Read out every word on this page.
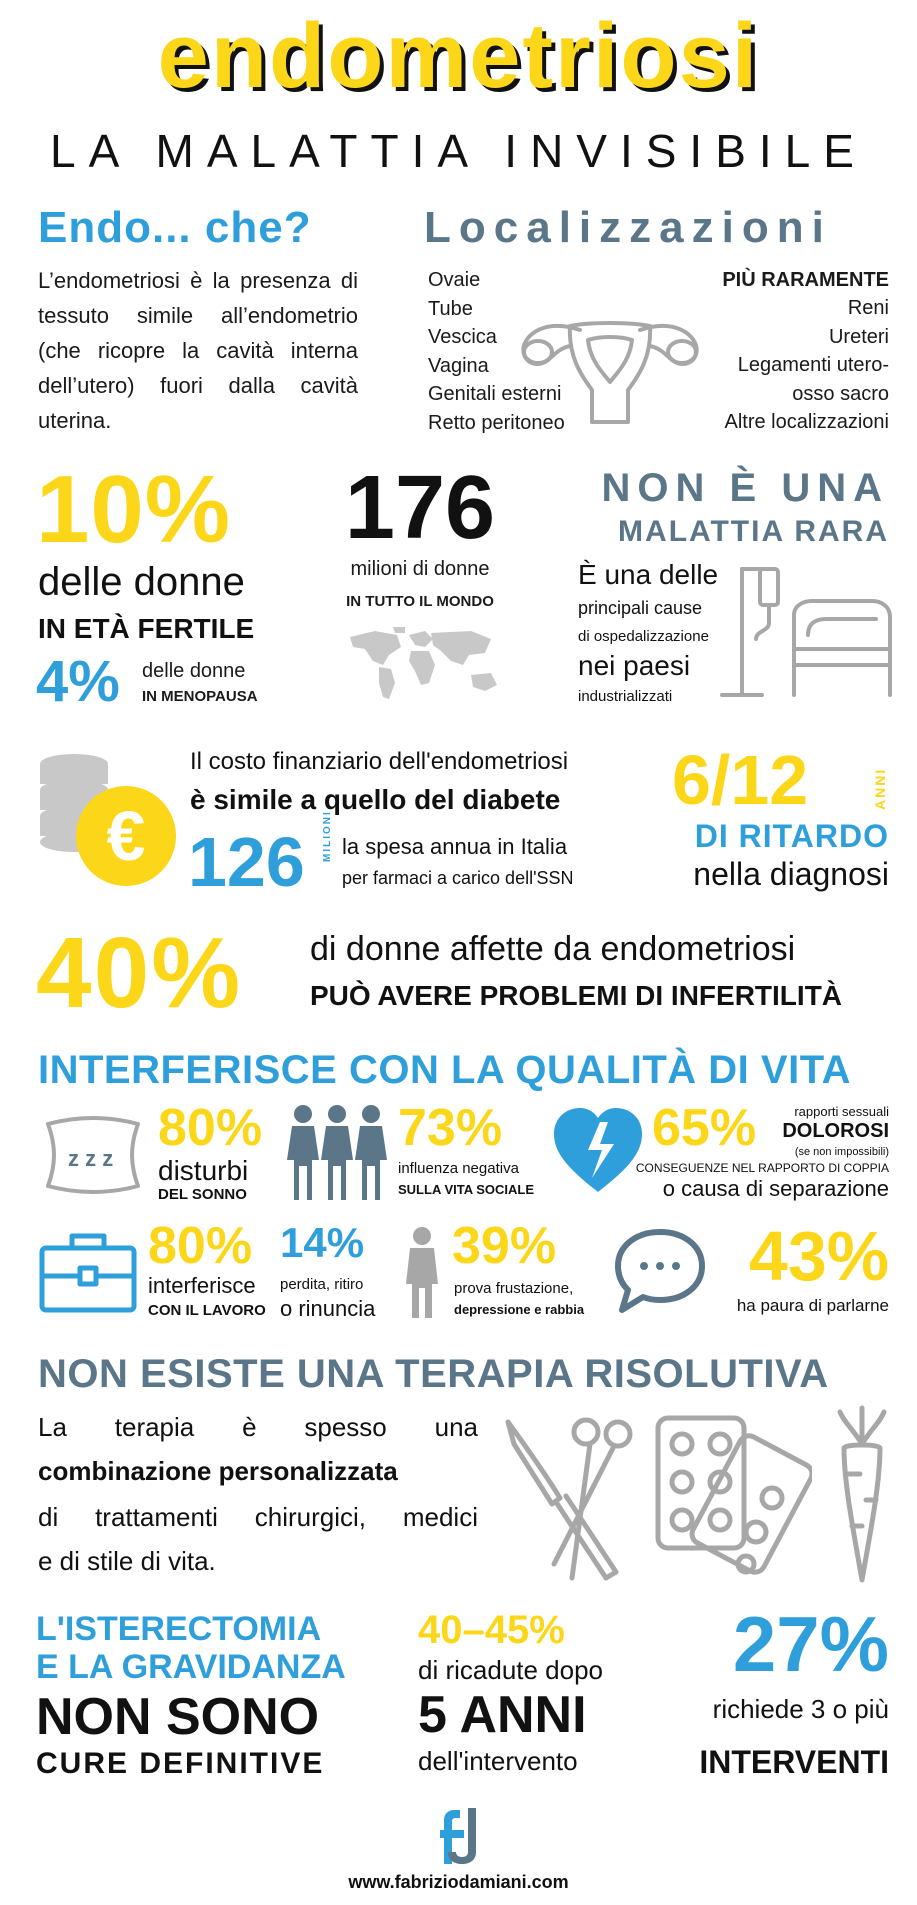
endometriosi
LA MALATTIA INVISIBILE
Endo... che?
L’endometriosi è la presenza di tessuto simile all’endometrio (che ricopre la cavità interna dell’utero) fuori dalla cavità uterina.
Localizzazioni
Ovaie
Tube
Vescica
Vagina
Genitali esterni
Retto peritoneo
PIÙ RARAMENTE
Reni
Ureteri
Legamenti utero-
osso sacro
Altre localizzazioni
10%
delle donne
IN ETÀ FERTILE
4% delle donne
IN MENOPAUSA
176
milioni di donne
IN TUTTO IL MONDO
NON È UNA
MALATTIA RARA
È una delle
principali cause
di ospedalizzazione
nei paesi
industrializzati
€
Il costo finanziario dell'endometriosi
è simile a quello del diabete
126 MILIONI la spesa annua in Italia
per farmaci a carico dell'SSN
6/12	ANNI
DI RITARDO
nella diagnosi
40% di donne affette da endometriosi
PUÒ AVERE PROBLEMI DI INFERTILITÀ
INTERFERISCE CON LA QUALITÀ DI VITA
z z z
80%
disturbi
DEL SONNO
73%
influenza negativa
SULLA VITA SOCIALE
65%	rapporti sessuali
DOLOROSI
(se non impossibili)
CONSEGUENZE NEL RAPPORTO DI COPPIA
o causa di separazione
80%
interferisce
CON IL LAVORO
14%
perdita, ritiro
o rinuncia
39%
prova frustazione,
depressione e rabbia
43%
ha paura di parlarne
NON ESISTE UNA TERAPIA RISOLUTIVA
La terapia è spesso una
combinazione personalizzata
di trattamenti chirurgici, medici
e di stile di vita.
L'ISTERECTOMIA
E LA GRAVIDANZA
NON SONO
CURE DEFINITIVE
40–45%
di ricadute dopo
5 ANNI
dell'intervento
27%
richiede 3 o più
INTERVENTI
fd
www.fabriziodamiani.com
